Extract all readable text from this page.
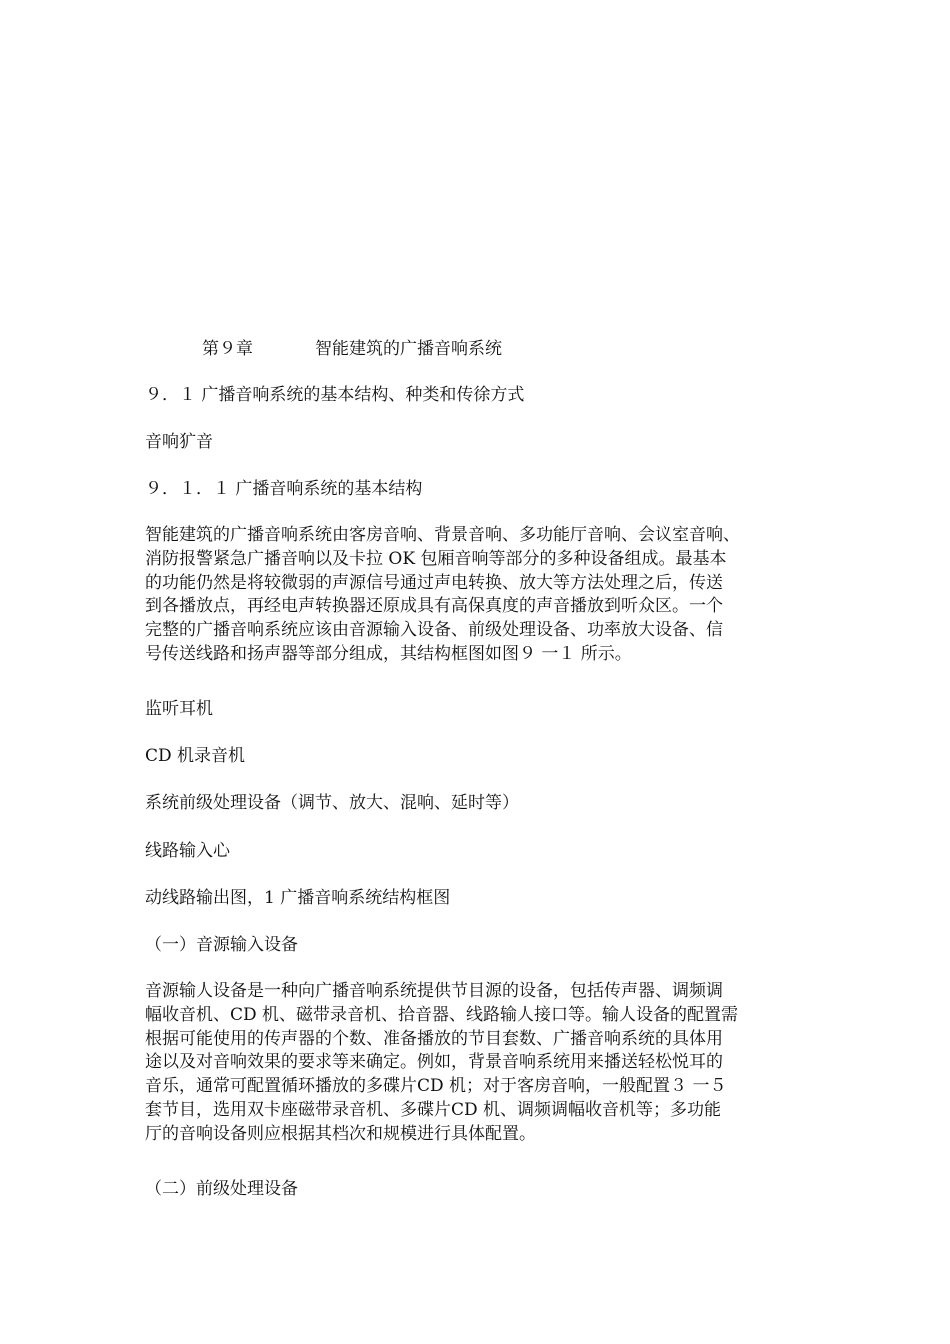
第９章	智能建筑的广播音响系统
９．１ 广播音响系统的基本结构、种类和传徐方式
音响犷音
９．１．１ 广播音响系统的基本结构
智能建筑的广播音响系统由客房音响、背景音响、多功能厅音响、会议室音响、
消防报警紧急广播音响以及卡拉 OK 包厢音响等部分的多种设备组成。最基本
的功能仍然是将较微弱的声源信号通过声电转换、放大等方法处理之后，传送
到各播放点，再经电声转换器还原成具有高保真度的声音播放到听众区。一个
完整的广播音响系统应该由音源输入设备、前级处理设备、功率放大设备、信
号传送线路和扬声器等部分组成，其结构框图如图９ 一１ 所示。
监听耳机
CD 机录音机
系统前级处理设备（调节、放大、混响、延时等）
线路输入心
动线路输出图，1 广播音响系统结构框图
（一）音源输入设备
音源输人设备是一种向广播音响系统提供节目源的设备，包括传声器、调频调
幅收音机、CD 机、磁带录音机、拾音器、线路输人接口等。输人设备的配置需
根据可能使用的传声器的个数、准备播放的节目套数、广播音响系统的具体用
途以及对音响效果的要求等来确定。例如，背景音响系统用来播送轻松悦耳的
音乐，通常可配置循环播放的多碟片CD 机；对于客房音响，一般配置３ 一５
套节目，选用双卡座磁带录音机、多碟片CD 机、调频调幅收音机等；多功能
厅的音响设备则应根据其档次和规模进行具体配置。
（二）前级处理设备
